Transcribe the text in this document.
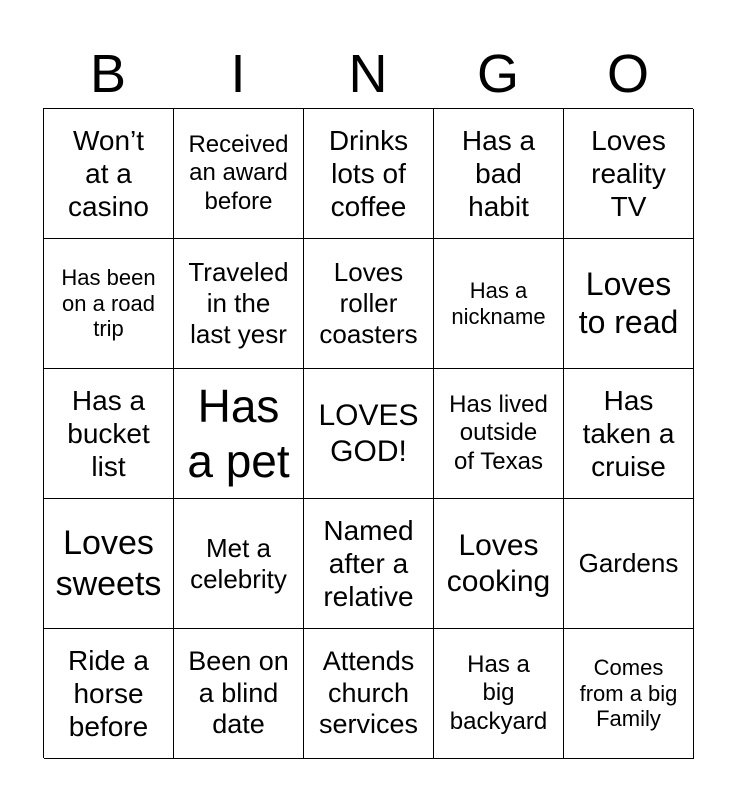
B	I	N	G	O
Won’t
at a
casino
Received
an award
before
Drinks
lots of
coffee
Has a
bad
habit
Loves
reality
TV
Has been
on a road
trip
Traveled
in the
last yesr
Loves
roller
coasters
Has a
nickname
Loves
to read
Has a
bucket
list
Has
a pet
LOVES
GOD!
Has lived
outside
of Texas
Has
taken a
cruise
Loves
sweets
Met a
celebrity
Named
after a
relative
Loves
cooking
Gardens
Ride a
horse
before
Been on
a blind
date
Attends
church
services
Has a
big
backyard
Comes
from a big
Family
